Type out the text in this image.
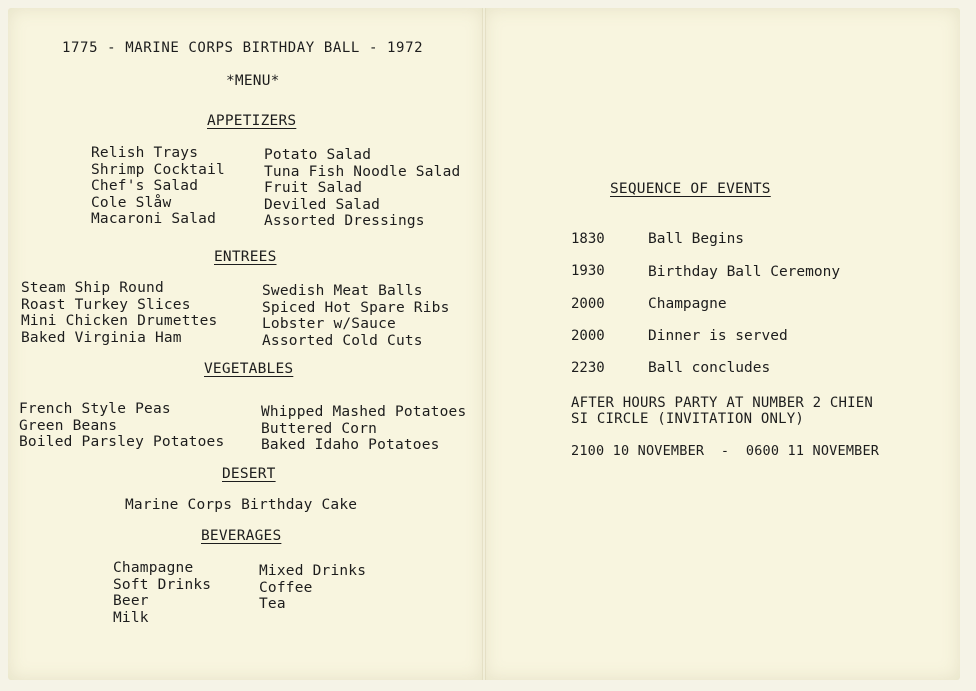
1775 - MARINE CORPS BIRTHDAY BALL - 1972
*MENU*
APPETIZERS
Relish Trays
Shrimp Cocktail
Chef's Salad
Cole Slåw
Macaroni Salad
Potato Salad
Tuna Fish Noodle Salad
Fruit Salad
Deviled Salad
Assorted Dressings
ENTREES
Steam Ship Round
Roast Turkey Slices
Mini Chicken Drumettes
Baked Virginia Ham
Swedish Meat Balls
Spiced Hot Spare Ribs
Lobster w/Sauce
Assorted Cold Cuts
VEGETABLES
French Style Peas
Green Beans
Boiled Parsley Potatoes
Whipped Mashed Potatoes
Buttered Corn
Baked Idaho Potatoes
DESERT
Marine Corps Birthday Cake
BEVERAGES
Champagne
Soft Drinks
Beer
Milk
Mixed Drinks
Coffee
Tea
SEQUENCE OF EVENTS
1830	Ball Begins
1930	Birthday Ball Ceremony
2000	Champagne
2000	Dinner is served
2230	Ball concludes
AFTER HOURS PARTY AT NUMBER 2 CHIEN
SI CIRCLE (INVITATION ONLY)
2100 10 NOVEMBER  -  0600 11 NOVEMBER
